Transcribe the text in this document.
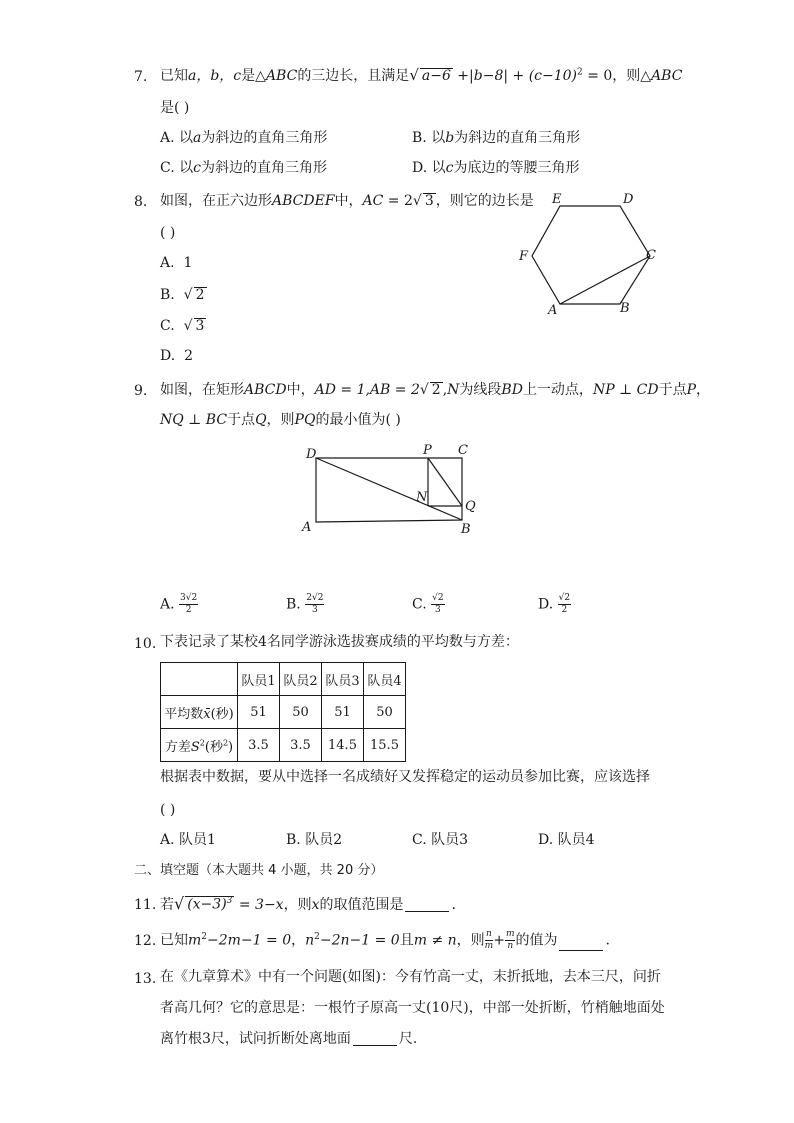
7. 已知a，b，c是△ABC的三边长，且满足√ $a-6 +|b-8| + (c-10)^2 = 0$，则△ABC
是( )
A. 以a为斜边的直角三角形	B. 以b为斜边的直角三角形
C. 以c为斜边的直角三角形	D. 以c为底边的等腰三角形
8. 如图，在正六边形ABCDEF中，AC = 2√ 3 ，则它的边长是
( )
A. 1
B.  √ 2
C.  √ 3
D. 2
A	B
C
D
E
F
9. 如图，在矩形ABCD中，AD = 1,AB = 2√ 2 ,N为线段BD上一动点，NP ⊥ CD于点P，
NQ ⊥ BC于点Q，则PQ的最小值为( )
D	P C
N
Q
A	B
A. $\frac{3√2}{2}$	B. $\frac{2√2}{3}$	C. $\frac{√2}{3}$	D. $\frac{√2}{2}$
10. 下表记录了某校4名同学游泳选拔赛成绩的平均数与方差：
	队员1	队员2	队员3	队员4
平均数x̄(秒)	51	50	51	50
方差$S^2$(秒$^2$)	3.5	3.5	14.5	15.5
根据表中数据，要从中选择一名成绩好又发挥稳定的运动员参加比赛，应该选择
( )
A. 队员1	B. 队员2	C. 队员3	D. 队员4
二、填空题（本大题共 4 小题，共 20 分）
11. 若√ $(x-3)^3 = 3-x$，则x的取值范围是	.
12. 已知$m^2-2m-1 = 0$，$n^2-2n-1 = 0$且m ≠ n，则 $\frac{n}{m} + \frac{m}{n}$ 的值为	.
13. 在《九章算术》中有一个问题(如图)：今有竹高一丈，末折抵地，去本三尺，问折
者高几何？它的意思是：一根竹子原高一丈(10尺)，中部一处折断，竹梢触地面处
离竹根3尺，试问折断处离地面	尺.
